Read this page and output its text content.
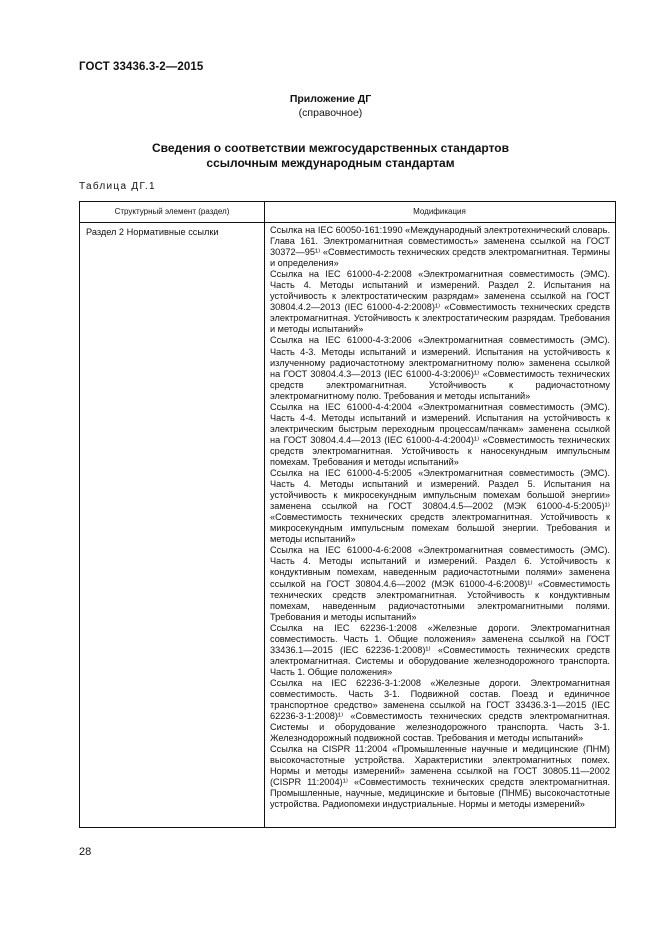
ГОСТ 33436.3-2—2015
Приложение ДГ
(справочное)
Сведения о соответствии межгосударственных стандартов
ссылочным международным стандартам
Таблица ДГ.1
Структурный элемент (раздел)	Модификация
Раздел 2 Нормативные ссылки	Ссылка на IEC 60050-161:1990 «Международный электротехнический словарь. Глава 161. Электромагнитная совместимость» заменена ссылкой на ГОСТ 30372—95¹⁾ «Совместимость технических средств электромагнитная. Термины и определения»

Ссылка на IEC 61000-4-2:2008 «Электромагнитная совместимость (ЭМС). Часть 4. Методы испытаний и измерений. Раздел 2. Испытания на устойчивость к электростатическим разрядам» заменена ссылкой на ГОСТ 30804.4.2—2013 (IEC 61000-4-2:2008)¹⁾ «Совместимость технических средств электромагнитная. Устойчивость к электростатическим разрядам. Требования и методы испытаний»

Ссылка на IEC 61000-4-3:2006 «Электромагнитная совместимость (ЭМС). Часть 4-3. Методы испытаний и измерений. Испытания на устойчивость к излученному радиочастотному электромагнитному полю» заменена ссылкой на ГОСТ 30804.4.3—2013 (IEC 61000-4-3:2006)¹⁾ «Совместимость технических средств электромагнитная. Устойчивость к радиочастотному электромагнитному полю. Требования и методы испытаний»

Ссылка на IEC 61000-4-4:2004 «Электромагнитная совместимость (ЭМС). Часть 4-4. Методы испытаний и измерений. Испытания на устойчивость к электрическим быстрым переходным процессам/пачкам» заменена ссылкой на ГОСТ 30804.4.4—2013 (IEC 61000-4-4:2004)¹⁾ «Совместимость технических средств электромагнитная. Устойчивость к наносекундным импульсным помехам. Требования и методы испытаний»

Ссылка на IEC 61000-4-5:2005 «Электромагнитная совместимость (ЭМС). Часть 4. Методы испытаний и измерений. Раздел 5. Испытания на устойчивость к микросекундным импульсным помехам большой энергии» заменена ссылкой на ГОСТ 30804.4.5—2002 (МЭК 61000-4-5:2005)¹⁾ «Совместимость технических средств электромагнитная. Устойчивость к микросекундным импульсным помехам большой энергии. Требования и методы испытаний»

Ссылка на IEC 61000-4-6:2008 «Электромагнитная совместимость (ЭМС). Часть 4. Методы испытаний и измерений. Раздел 6. Устойчивость к кондуктивным помехам, наведенным радиочастотными полями» заменена ссылкой на ГОСТ 30804.4.6—2002 (МЭК 61000-4-6:2008)¹⁾ «Совместимость технических средств электромагнитная. Устойчивость к кондуктивным помехам, наведенным радиочастотными электромагнитными полями. Требования и методы испытаний»

Ссылка на IEC 62236-1:2008 «Железные дороги. Электромагнитная совместимость. Часть 1. Общие положения» заменена ссылкой на ГОСТ 33436.1—2015 (IEC 62236-1:2008)¹⁾ «Совместимость технических средств электромагнитная. Системы и оборудование железнодорожного транспорта. Часть 1. Общие положения»

Ссылка на IEC 62236-3-1:2008 «Железные дороги. Электромагнитная совместимость. Часть 3-1. Подвижной состав. Поезд и единичное транспортное средство» заменена ссылкой на ГОСТ 33436.3-1—2015 (IEC 62236-3-1:2008)¹⁾ «Совместимость технических средств электромагнитная. Системы и оборудование железнодорожного транспорта. Часть 3-1. Железнодорожный подвижной состав. Требования и методы испытаний»

Ссылка на CISPR 11:2004 «Промышленные научные и медицинские (ПНМ) высокочастотные устройства. Характеристики электромагнитных помех. Нормы и методы измерений» заменена ссылкой на ГОСТ 30805.11—2002 (CISPR 11:2004)¹⁾ «Совместимость технических средств электромагнитная. Промышленные, научные, медицинские и бытовые (ПНМБ) высокочастотные устройства. Радиопомехи индустриальные. Нормы и методы измерений»

28
